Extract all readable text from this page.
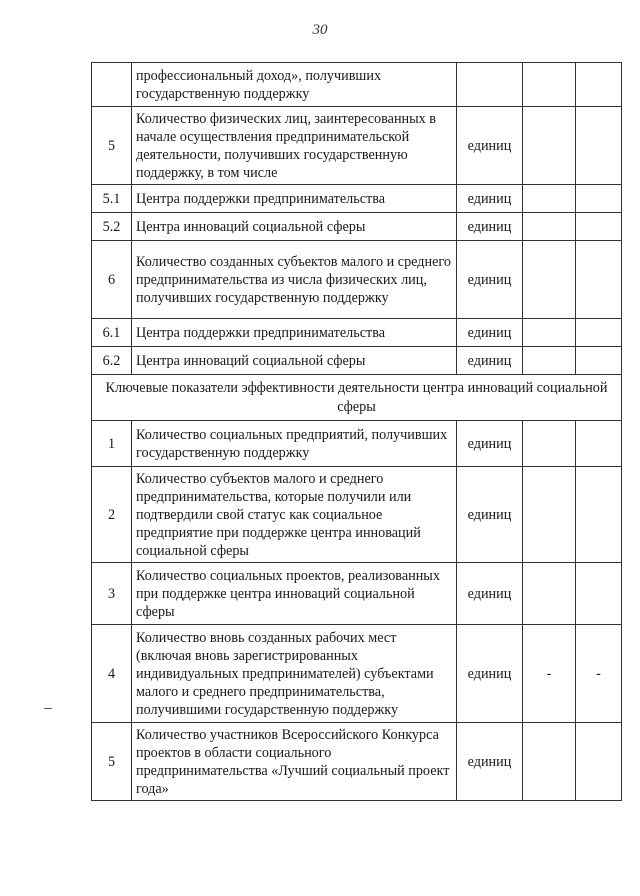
30
	профессиональный доход», получивших государственную поддержку			
5	Количество физических лиц, заинтересованных в начале осуществления предпринимательской деятельности, получивших государственную поддержку, в том числе	единиц		
5.1	Центра поддержки предпринимательства	единиц		
5.2	Центра инноваций социальной сферы	единиц		
6	Количество созданных субъектов малого и среднего предпринимательства из числа физических лиц, получивших государственную поддержку	единиц		
6.1	Центра поддержки предпринимательства	единиц		
6.2	Центра инноваций социальной сферы	единиц		
Ключевые показатели эффективности деятельности центра инноваций социальной сферы				
1	Количество социальных предприятий, получивших государственную поддержку	единиц		
2	Количество субъектов малого и среднего предпринимательства, которые получили или подтвердили свой статус как социальное предприятие при поддержке центра инноваций социальной сферы	единиц		
3	Количество социальных проектов, реализованных при поддержке центра инноваций социальной сферы	единиц		
4	Количество вновь созданных рабочих мест (включая вновь зарегистрированных индивидуальных предпринимателей) субъектами малого и среднего предпринимательства, получившими государственную поддержку	единиц	-	-
5	Количество участников Всероссийского Конкурса проектов в области социального предпринимательства «Лучший социальный проект года»	единиц		
